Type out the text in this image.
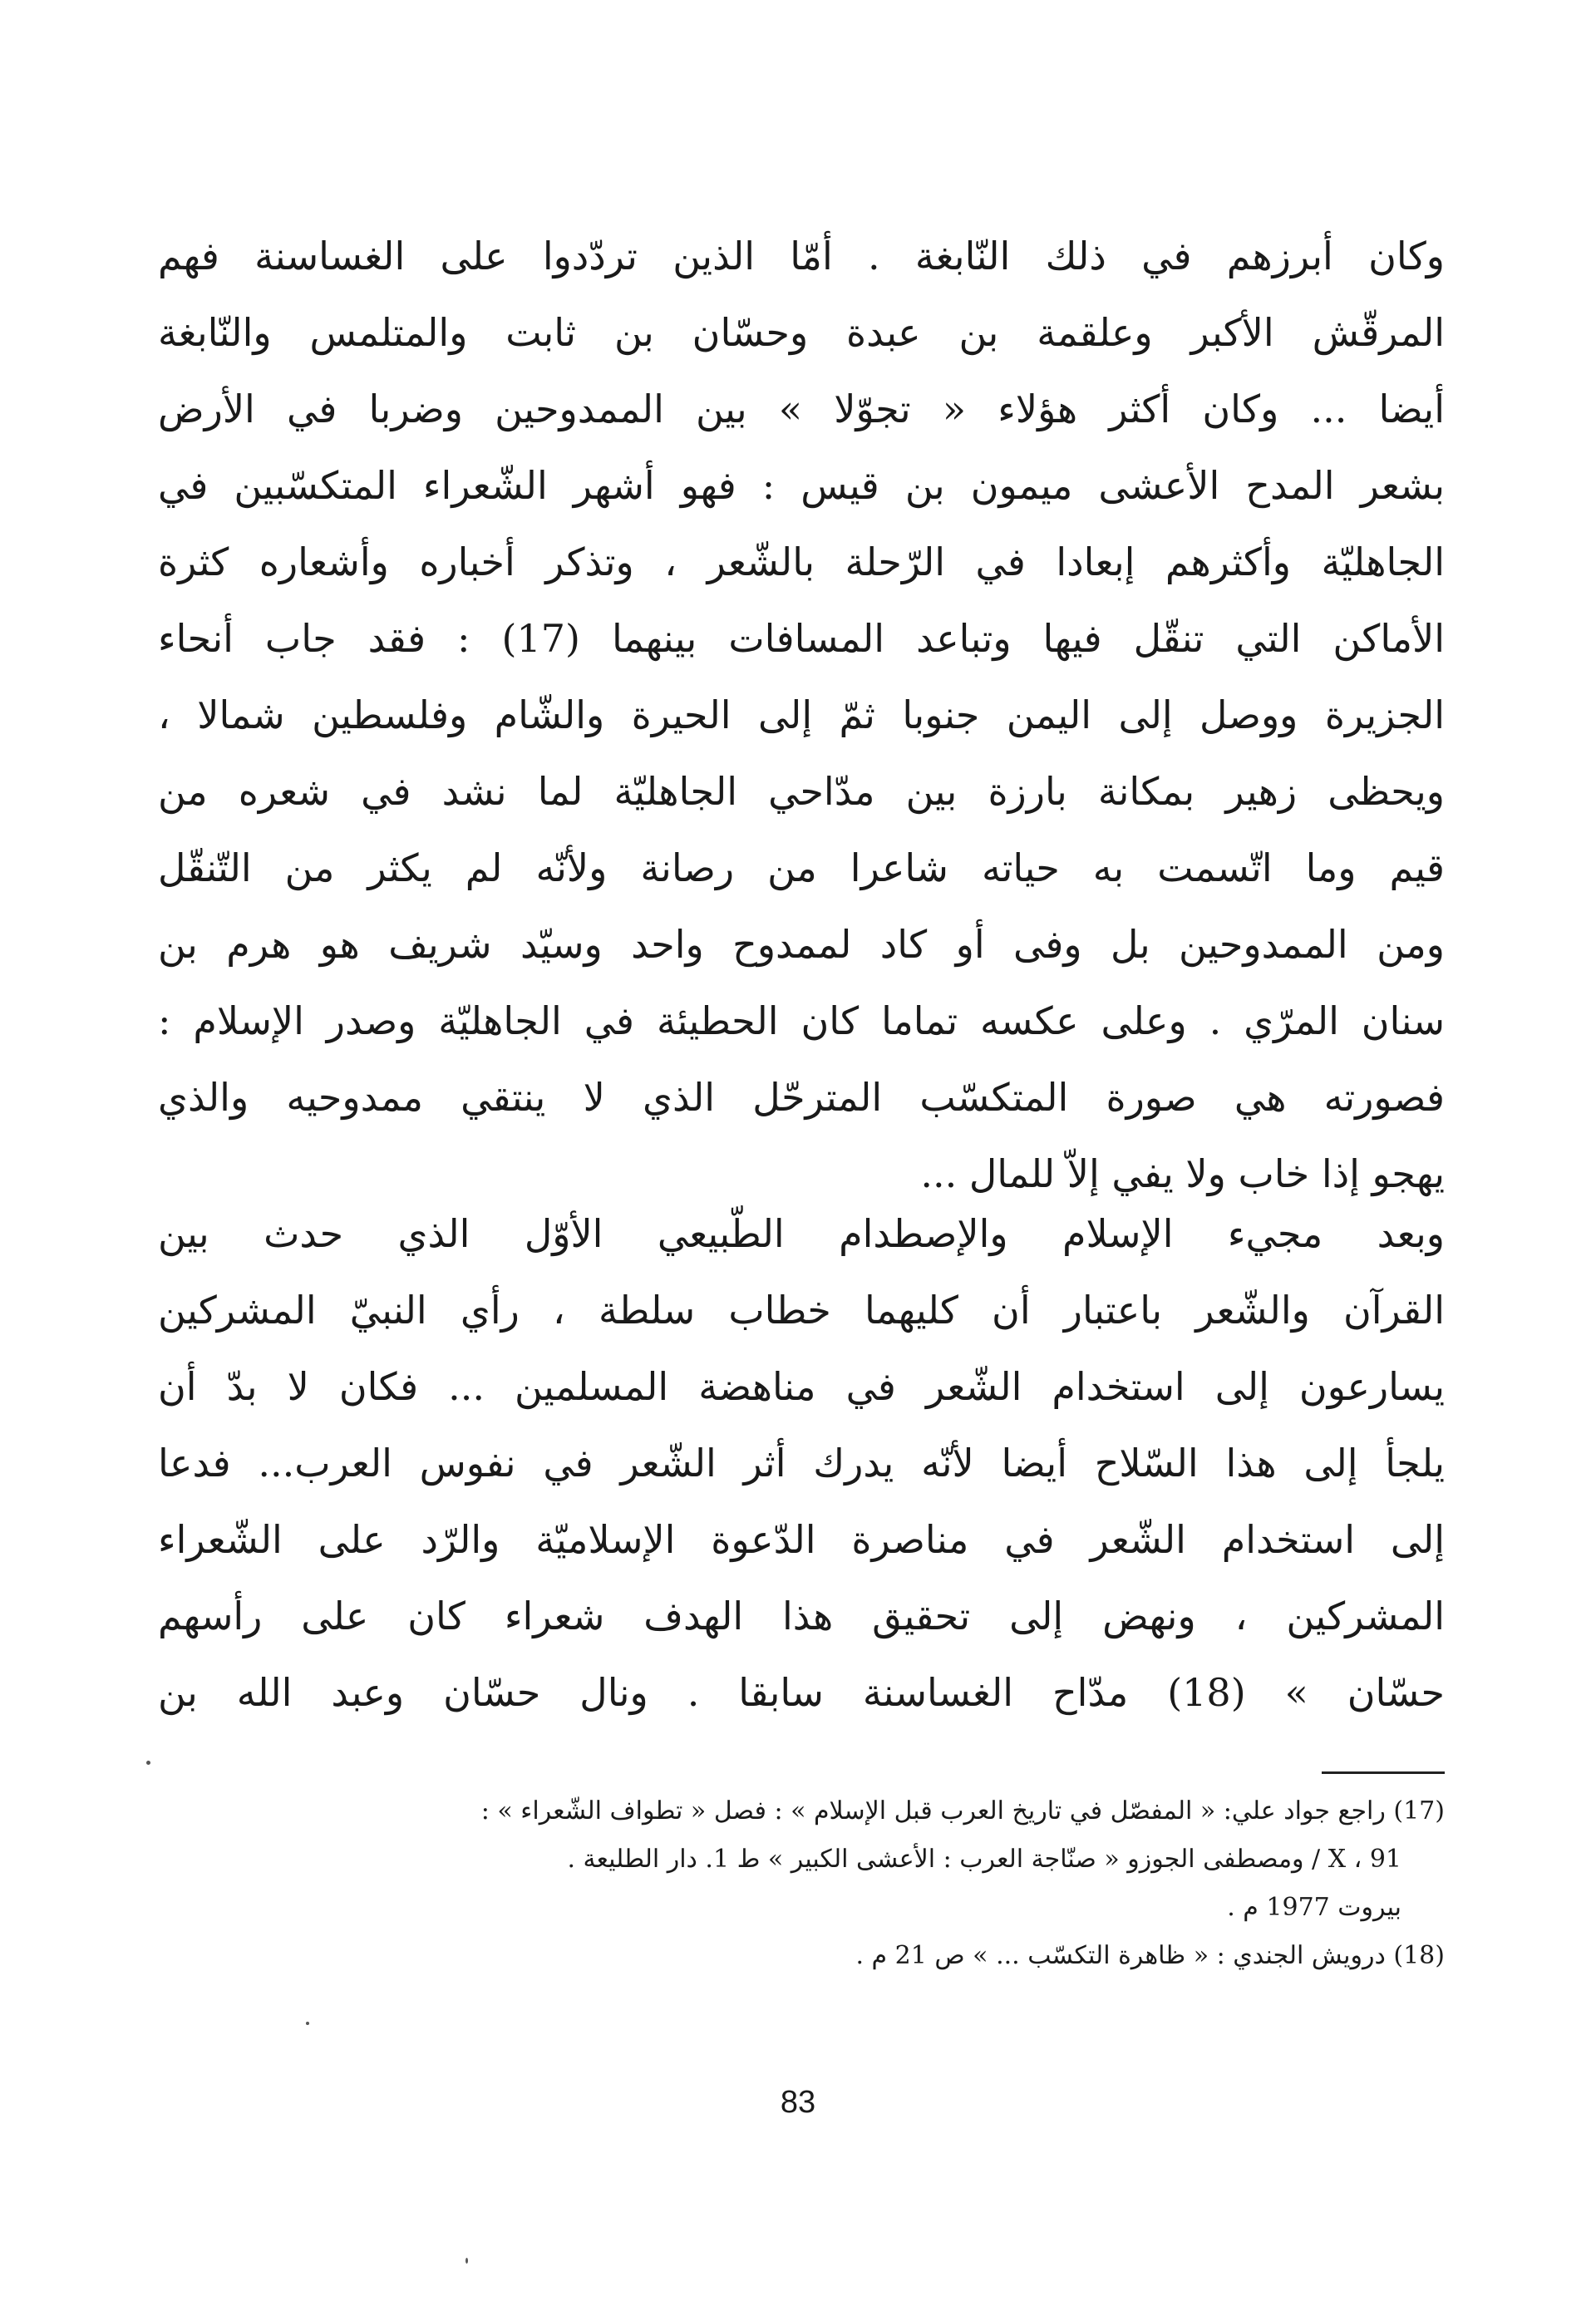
وكان أبرزهم في ذلك النّابغة . أمّا الذين تردّدوا على الغساسنة فهم
المرقّش الأكبر وعلقمة بن عبدة وحسّان بن ثابت والمتلمس والنّابغة
أيضا ... وكان أكثر هؤلاء « تجوّلا » بين الممدوحين وضربا في الأرض
بشعر المدح الأعشى ميمون بن قيس : فهو أشهر الشّعراء المتكسّبين في
الجاهليّة وأكثرهم إبعادا في الرّحلة بالشّعر ، وتذكر أخباره وأشعاره كثرة
الأماكن التي تنقّل فيها وتباعد المسافات بينهما (17) : فقد جاب أنحاء
الجزيرة ووصل إلى اليمن جنوبا ثمّ إلى الحيرة والشّام وفلسطين شمالا ،
ويحظى زهير بمكانة بارزة بين مدّاحي الجاهليّة لما نشد في شعره من
قيم وما اتّسمت به حياته شاعرا من رصانة ولأنّه لم يكثر من التّنقّل
ومن الممدوحين بل وفى أو كاد لممدوح واحد وسيّد شريف هو هرم بن
سنان المرّي . وعلى عكسه تماما كان الحطيئة في الجاهليّة وصدر الإسلام :
فصورته هي صورة المتكسّب المترحّل الذي لا ينتقي ممدوحيه والذي
يهجو إذا خاب ولا يفي إلاّ للمال ...
وبعد مجيء الإسلام والإصطدام الطّبيعي الأوّل الذي حدث بين
القرآن والشّعر باعتبار أن كليهما خطاب سلطة ، رأي النبيّ المشركين
يسارعون إلى استخدام الشّعر في مناهضة المسلمين ... فكان لا بدّ أن
يلجأ إلى هذا السّلاح أيضا لأنّه يدرك أثر الشّعر في نفوس العرب... فدعا
إلى استخدام الشّعر في مناصرة الدّعوة الإسلاميّة والرّد على الشّعراء
المشركين ، ونهض إلى تحقيق هذا الهدف شعراء كان على رأسهم
حسّان » (18) مدّاح الغساسنة سابقا . ونال حسّان وعبد الله بن
(17) راجع جواد علي: « المفصّل في تاريخ العرب قبل الإسلام » : فصل « تطواف الشّعراء » :
X ، 91 / ومصطفى الجوزو « صنّاجة العرب : الأعشى الكبير » ط 1. دار الطليعة .
بيروت 1977 م .
(18) درويش الجندي : « ظاهرة التكسّب ... » ص 21 م .
83
